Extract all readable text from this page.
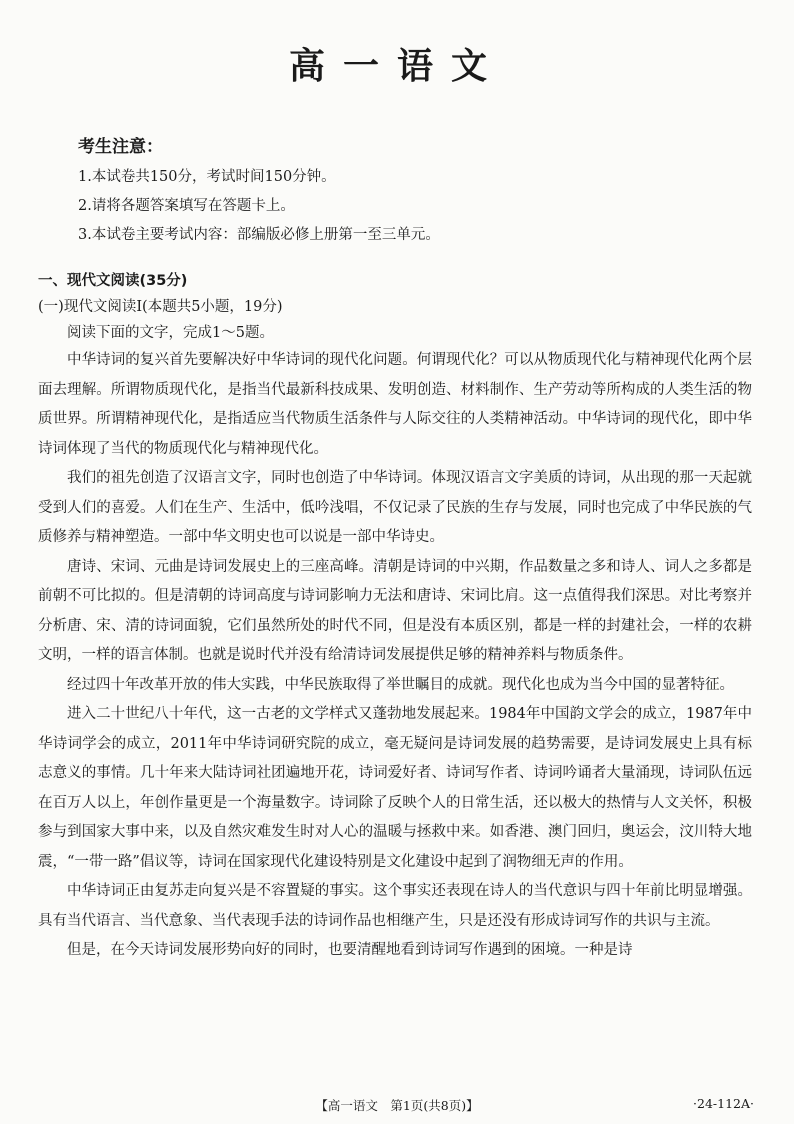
高一语文
考生注意：
1.本试卷共150分，考试时间150分钟。
2.请将各题答案填写在答题卡上。
3.本试卷主要考试内容：部编版必修上册第一至三单元。
一、现代文阅读(35分)
(一)现代文阅读Ⅰ(本题共5小题，19分)
阅读下面的文字，完成1～5题。

中华诗词的复兴首先要解决好中华诗词的现代化问题。何谓现代化？可以从物质现代化与精神现代化两个层面去理解。所谓物质现代化，是指当代最新科技成果、发明创造、材料制作、生产劳动等所构成的人类生活的物质世界。所谓精神现代化，是指适应当代物质生活条件与人际交往的人类精神活动。中华诗词的现代化，即中华诗词体现了当代的物质现代化与精神现代化。

我们的祖先创造了汉语言文字，同时也创造了中华诗词。体现汉语言文字美质的诗词，从出现的那一天起就受到人们的喜爱。人们在生产、生活中，低吟浅唱，不仅记录了民族的生存与发展，同时也完成了中华民族的气质修养与精神塑造。一部中华文明史也可以说是一部中华诗史。

唐诗、宋词、元曲是诗词发展史上的三座高峰。清朝是诗词的中兴期，作品数量之多和诗人、词人之多都是前朝不可比拟的。但是清朝的诗词高度与诗词影响力无法和唐诗、宋词比肩。这一点值得我们深思。对比考察并分析唐、宋、清的诗词面貌，它们虽然所处的时代不同，但是没有本质区别，都是一样的封建社会，一样的农耕文明，一样的语言体制。也就是说时代并没有给清诗词发展提供足够的精神养料与物质条件。

经过四十年改革开放的伟大实践，中华民族取得了举世瞩目的成就。现代化也成为当今中国的显著特征。

进入二十世纪八十年代，这一古老的文学样式又蓬勃地发展起来。1984年中国韵文学会的成立，1987年中华诗词学会的成立，2011年中华诗词研究院的成立，毫无疑问是诗词发展的趋势需要，是诗词发展史上具有标志意义的事情。几十年来大陆诗词社团遍地开花，诗词爱好者、诗词写作者、诗词吟诵者大量涌现，诗词队伍远在百万人以上，年创作量更是一个海量数字。诗词除了反映个人的日常生活，还以极大的热情与人文关怀，积极参与到国家大事中来，以及自然灾难发生时对人心的温暖与拯救中来。如香港、澳门回归，奥运会，汶川特大地震，“一带一路”倡议等，诗词在国家现代化建设特别是文化建设中起到了润物细无声的作用。

中华诗词正由复苏走向复兴是不容置疑的事实。这个事实还表现在诗人的当代意识与四十年前比明显增强。具有当代语言、当代意象、当代表现手法的诗词作品也相继产生，只是还没有形成诗词写作的共识与主流。

但是，在今天诗词发展形势向好的同时，也要清醒地看到诗词写作遇到的困境。一种是诗

【高一语文　第1页(共8页)】	·24-112A·
